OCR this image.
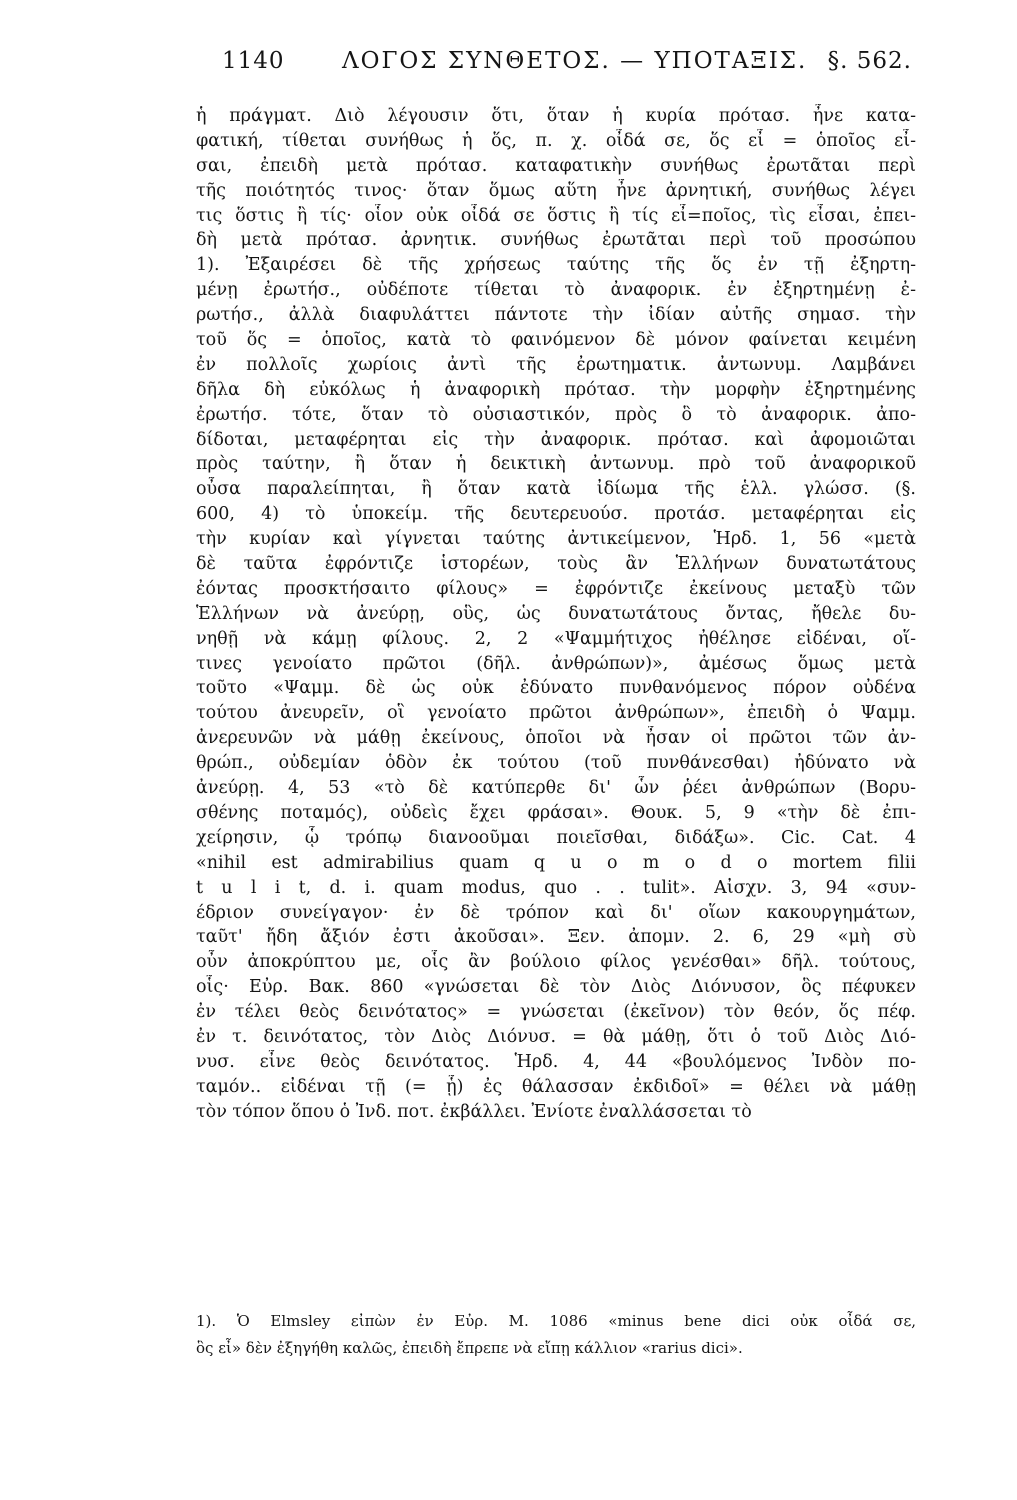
1140 ΛΟΓΟΣ ΣΥΝΘΕΤΟΣ. — ΥΠΟΤΑΞΙΣ. §. 562.
ἡ πράγματ. Διὸ λέγουσιν ὅτι, ὅταν ἡ κυρία πρότασ. ἦνε κατα-
φατική, τίθεται συνήθως ἡ ὅς, π. χ. οἶδά σε, ὅς εἶ = ὁποῖος εἶ-
σαι, ἐπειδὴ μετὰ πρότασ. καταφατικὴν συνήθως ἐρωτᾶται περὶ
τῆς ποιότητός τινος· ὅταν ὅμως αὕτη ἦνε ἀρνητική, συνήθως λέγει
τις ὅστις ἢ τίς· οἷον οὐκ οἶδά σε ὅστις ἢ τίς εἶ=ποῖος, τὶς εἶσαι, ἐπει-
δὴ μετὰ πρότασ. ἀρνητικ. συνήθως ἐρωτᾶται περὶ τοῦ προσώπου
1). Ἐξαιρέσει δὲ τῆς χρήσεως ταύτης τῆς ὅς ἐν τῇ ἐξηρτη-
μένῃ ἐρωτήσ., οὐδέποτε τίθεται τὸ ἀναφορικ. ἐν ἐξηρτημένῃ ἐ-
ρωτήσ., ἀλλὰ διαφυλάττει πάντοτε τὴν ἰδίαν αὐτῆς σημασ. τὴν
τοῦ ὅς = ὁποῖος, κατὰ τὸ φαινόμενον δὲ μόνον φαίνεται κειμένη
ἐν πολλοῖς χωρίοις ἀντὶ τῆς ἐρωτηματικ. ἀντωνυμ. Λαμβάνει
δῆλα δὴ εὐκόλως ἡ ἀναφορικὴ πρότασ. τὴν μορφὴν ἐξηρτημένης
ἐρωτήσ. τότε, ὅταν τὸ οὐσιαστικόν, πρὸς ὃ τὸ ἀναφορικ. ἀπο-
δίδοται, μεταφέρηται εἰς τὴν ἀναφορικ. πρότασ. καὶ ἀφομοιῶται
πρὸς ταύτην, ἢ ὅταν ἡ δεικτικὴ ἀντωνυμ. πρὸ τοῦ ἀναφορικοῦ
οὖσα παραλείπηται, ἢ ὅταν κατὰ ἰδίωμα τῆς ἑλλ. γλώσσ. (§.
600, 4) τὸ ὑποκείμ. τῆς δευτερευούσ. προτάσ. μεταφέρηται εἰς
τὴν κυρίαν καὶ γίγνεται ταύτης ἀντικείμενον, Ἡρδ. 1, 56 «μετὰ
δὲ ταῦτα ἐφρόντιζε ἱστορέων, τοὺς ἂν Ἑλλήνων δυνατωτάτους
ἐόντας προσκτήσαιτο φίλους» = ἐφρόντιζε ἐκείνους μεταξὺ τῶν
Ἑλλήνων νὰ ἀνεύρῃ, οὓς, ὡς δυνατωτάτους ὄντας, ἤθελε δυ-
νηθῇ νὰ κάμῃ φίλους. 2, 2 «Ψαμμήτιχος ἠθέλησε εἰδέναι, οἵ-
τινες γενοίατο πρῶτοι (δῆλ. ἀνθρώπων)», ἀμέσως ὅμως μετὰ
τοῦτο «Ψαμμ. δὲ ὡς οὐκ ἐδύνατο πυνθανόμενος πόρον οὐδένα
τούτου ἀνευρεῖν, οἳ γενοίατο πρῶτοι ἀνθρώπων», ἐπειδὴ ὁ Ψαμμ.
ἀνερευνῶν νὰ μάθῃ ἐκείνους, ὁποῖοι νὰ ἦσαν οἱ πρῶτοι τῶν ἀν-
θρώπ., οὐδεμίαν ὁδὸν ἐκ τούτου (τοῦ πυνθάνεσθαι) ἠδύνατο νὰ
ἀνεύρῃ. 4, 53 «τὸ δὲ κατύπερθε δι' ὧν ῥέει ἀνθρώπων (Βορυ-
σθένης ποταμός), οὐδεὶς ἔχει φράσαι». Θουκ. 5, 9 «τὴν δὲ ἐπι-
χείρησιν, ᾧ τρόπῳ διανοοῦμαι ποιεῖσθαι, διδάξω». Cic. Cat. 4
«nihil est admirabilius quam q u o m o d o mortem filii
t u l i t, d. i. quam modus, quo . . tulit». Αἰσχν. 3, 94 «συν-
έδριον συνείγαγον· ἐν δὲ τρόπον καὶ δι' οἵων κακουργημάτων,
ταῦτ' ἤδη ἄξιόν ἐστι ἀκοῦσαι». Ξεν. ἀπομν. 2. 6, 29 «μὴ σὺ
οὖν ἀποκρύπτου με, οἷς ἂν βούλοιο φίλος γενέσθαι» δῆλ. τούτους,
οἷς· Εὐρ. Βακ. 860 «γνώσεται δὲ τὸν Διὸς Διόνυσον, ὃς πέφυκεν
ἐν τέλει θεὸς δεινότατος» = γνώσεται (ἐκεῖνον) τὸν θεόν, ὅς πέφ.
ἐν τ. δεινότατος, τὸν Διὸς Διόνυσ. = θὰ μάθῃ, ὅτι ὁ τοῦ Διὸς Διό-
νυσ. εἶνε θεὸς δεινότατος. Ἡρδ. 4, 44 «βουλόμενος Ἰνδὸν πο-
ταμόν.. εἰδέναι τῇ (= ᾗ) ἐς θάλασσαν ἐκδιδοῖ» = θέλει νὰ μάθῃ
τὸν τόπον ὅπου ὁ Ἰνδ. ποτ. ἐκβάλλει. Ἐνίοτε ἐναλλάσσεται τὸ
1). Ὁ Elmsley εἰπὼν ἐν Εὐρ. Μ. 1086 «minus bene dici οὐκ οἶδά σε,
ὃς εἶ» δὲν ἐξηγήθη καλῶς, ἐπειδὴ ἔπρεπε νὰ εἴπῃ κάλλιον «rarius dici».
